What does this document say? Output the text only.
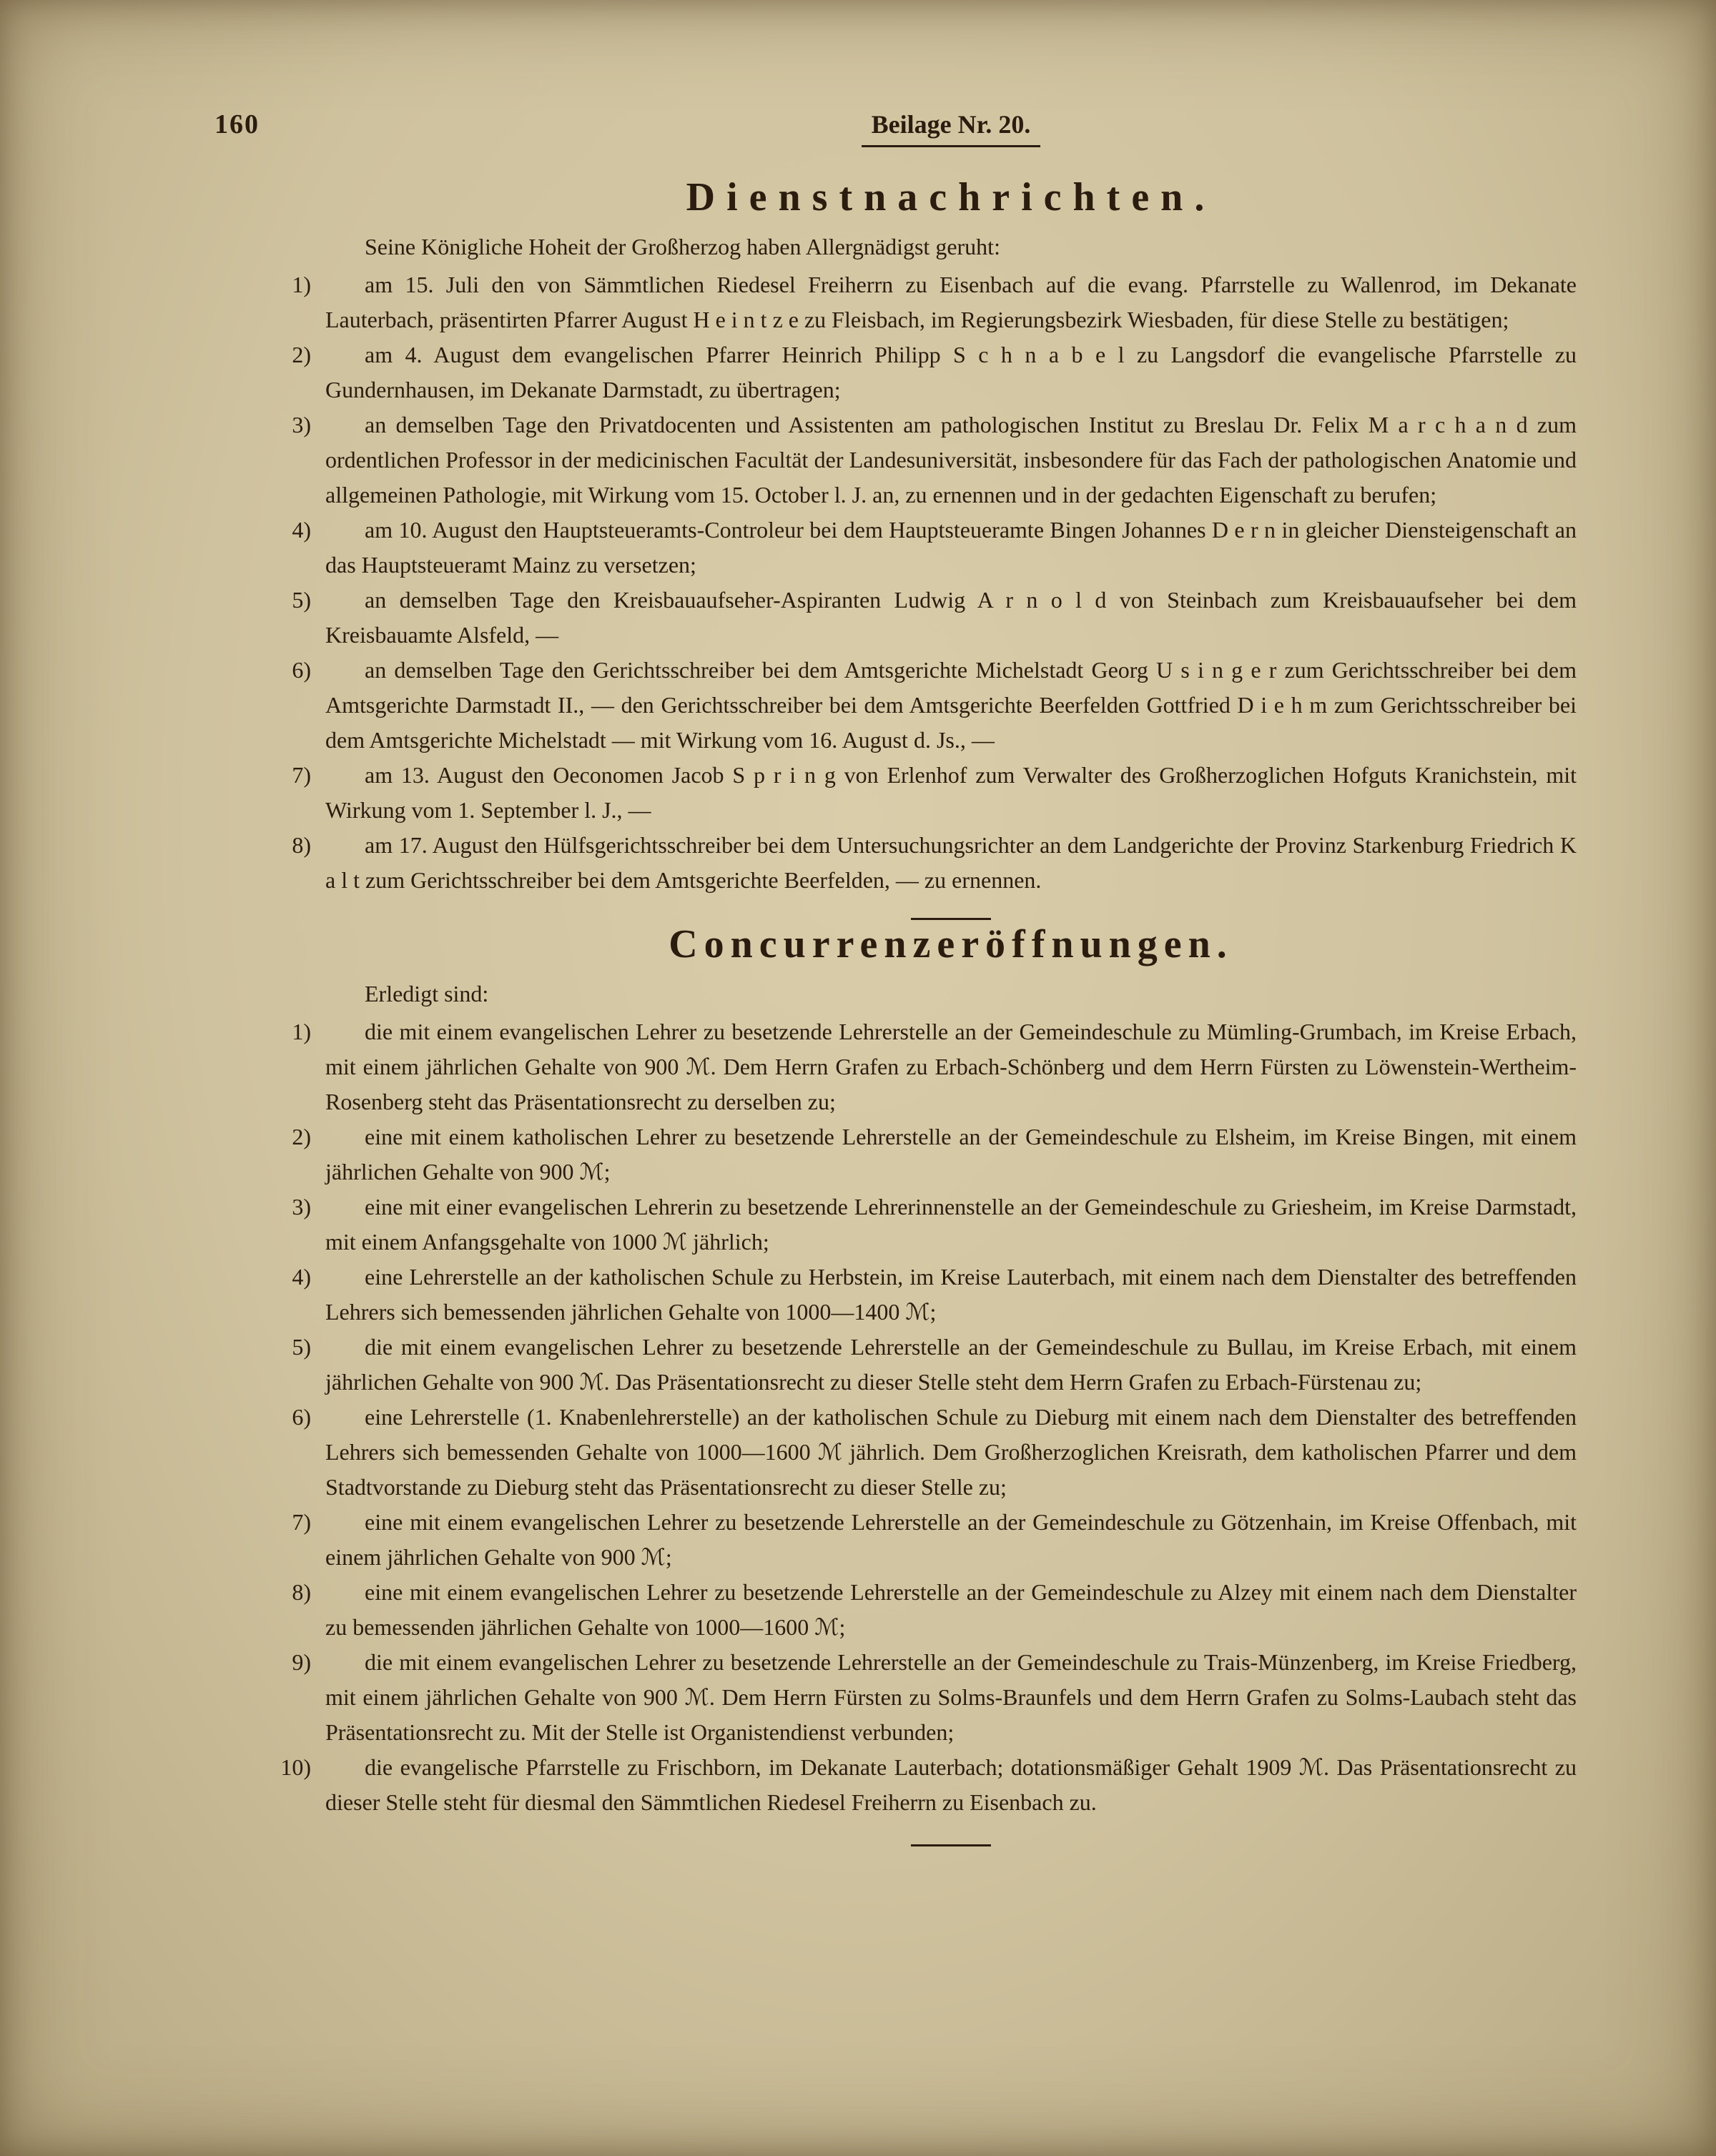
160	Beilage Nr. 20.
Dienstnachrichten.

Seine Königliche Hoheit der Großherzog haben Allergnädigst geruht:

1) am 15. Juli den von Sämmtlichen Riedesel Freiherrn zu Eisenbach auf die evang. Pfarrstelle zu Wallenrod, im Dekanate Lauterbach, präsentirten Pfarrer August H e i n t z e zu Fleisbach, im Regierungsbezirk Wiesbaden, für diese Stelle zu bestätigen;
2) am 4. August dem evangelischen Pfarrer Heinrich Philipp S c h n a b e l zu Langsdorf die evangelische Pfarrstelle zu Gundernhausen, im Dekanate Darmstadt, zu übertragen;
3) an demselben Tage den Privatdocenten und Assistenten am pathologischen Institut zu Breslau Dr. Felix M a r c h a n d zum ordentlichen Professor in der medicinischen Facultät der Landesuniversität, insbesondere für das Fach der pathologischen Anatomie und allgemeinen Pathologie, mit Wirkung vom 15. October l. J. an, zu ernennen und in der gedachten Eigenschaft zu berufen;
4) am 10. August den Hauptsteueramts-Controleur bei dem Hauptsteueramte Bingen Johannes D e r n in gleicher Diensteigenschaft an das Hauptsteueramt Mainz zu versetzen;
5) an demselben Tage den Kreisbauaufseher-Aspiranten Ludwig A r n o l d von Steinbach zum Kreisbauaufseher bei dem Kreisbauamte Alsfeld, —
6) an demselben Tage den Gerichtsschreiber bei dem Amtsgerichte Michelstadt Georg U s i n g e r zum Gerichtsschreiber bei dem Amtsgerichte Darmstadt II., — den Gerichtsschreiber bei dem Amtsgerichte Beerfelden Gottfried D i e h m zum Gerichtsschreiber bei dem Amtsgerichte Michelstadt — mit Wirkung vom 16. August d. Js., —
7) am 13. August den Oeconomen Jacob S p r i n g von Erlenhof zum Verwalter des Großherzoglichen Hofguts Kranichstein, mit Wirkung vom 1. September l. J., —
8) am 17. August den Hülfsgerichtsschreiber bei dem Untersuchungsrichter an dem Landgerichte der Provinz Starkenburg Friedrich K a l t zum Gerichtsschreiber bei dem Amtsgerichte Beerfelden, — zu ernennen.
Concurrenzeröffnungen.

Erledigt sind:

1) die mit einem evangelischen Lehrer zu besetzende Lehrerstelle an der Gemeindeschule zu Mümling-Grumbach, im Kreise Erbach, mit einem jährlichen Gehalte von 900 ℳ. Dem Herrn Grafen zu Erbach-Schönberg und dem Herrn Fürsten zu Löwenstein-Wertheim-Rosenberg steht das Präsentationsrecht zu derselben zu;
2) eine mit einem katholischen Lehrer zu besetzende Lehrerstelle an der Gemeindeschule zu Elsheim, im Kreise Bingen, mit einem jährlichen Gehalte von 900 ℳ;
3) eine mit einer evangelischen Lehrerin zu besetzende Lehrerinnenstelle an der Gemeindeschule zu Griesheim, im Kreise Darmstadt, mit einem Anfangsgehalte von 1000 ℳ jährlich;
4) eine Lehrerstelle an der katholischen Schule zu Herbstein, im Kreise Lauterbach, mit einem nach dem Dienstalter des betreffenden Lehrers sich bemessenden jährlichen Gehalte von 1000—1400 ℳ;
5) die mit einem evangelischen Lehrer zu besetzende Lehrerstelle an der Gemeindeschule zu Bullau, im Kreise Erbach, mit einem jährlichen Gehalte von 900 ℳ. Das Präsentationsrecht zu dieser Stelle steht dem Herrn Grafen zu Erbach-Fürstenau zu;
6) eine Lehrerstelle (1. Knabenlehrerstelle) an der katholischen Schule zu Dieburg mit einem nach dem Dienstalter des betreffenden Lehrers sich bemessenden Gehalte von 1000—1600 ℳ jährlich. Dem Großherzoglichen Kreisrath, dem katholischen Pfarrer und dem Stadtvorstande zu Dieburg steht das Präsentationsrecht zu dieser Stelle zu;
7) eine mit einem evangelischen Lehrer zu besetzende Lehrerstelle an der Gemeindeschule zu Götzenhain, im Kreise Offenbach, mit einem jährlichen Gehalte von 900 ℳ;
8) eine mit einem evangelischen Lehrer zu besetzende Lehrerstelle an der Gemeindeschule zu Alzey mit einem nach dem Dienstalter zu bemessenden jährlichen Gehalte von 1000—1600 ℳ;
9) die mit einem evangelischen Lehrer zu besetzende Lehrerstelle an der Gemeindeschule zu Trais-Münzenberg, im Kreise Friedberg, mit einem jährlichen Gehalte von 900 ℳ. Dem Herrn Fürsten zu Solms-Braunfels und dem Herrn Grafen zu Solms-Laubach steht das Präsentationsrecht zu. Mit der Stelle ist Organistendienst verbunden;
10) die evangelische Pfarrstelle zu Frischborn, im Dekanate Lauterbach; dotationsmäßiger Gehalt 1909 ℳ. Das Präsentationsrecht zu dieser Stelle steht für diesmal den Sämmtlichen Riedesel Freiherrn zu Eisenbach zu.
